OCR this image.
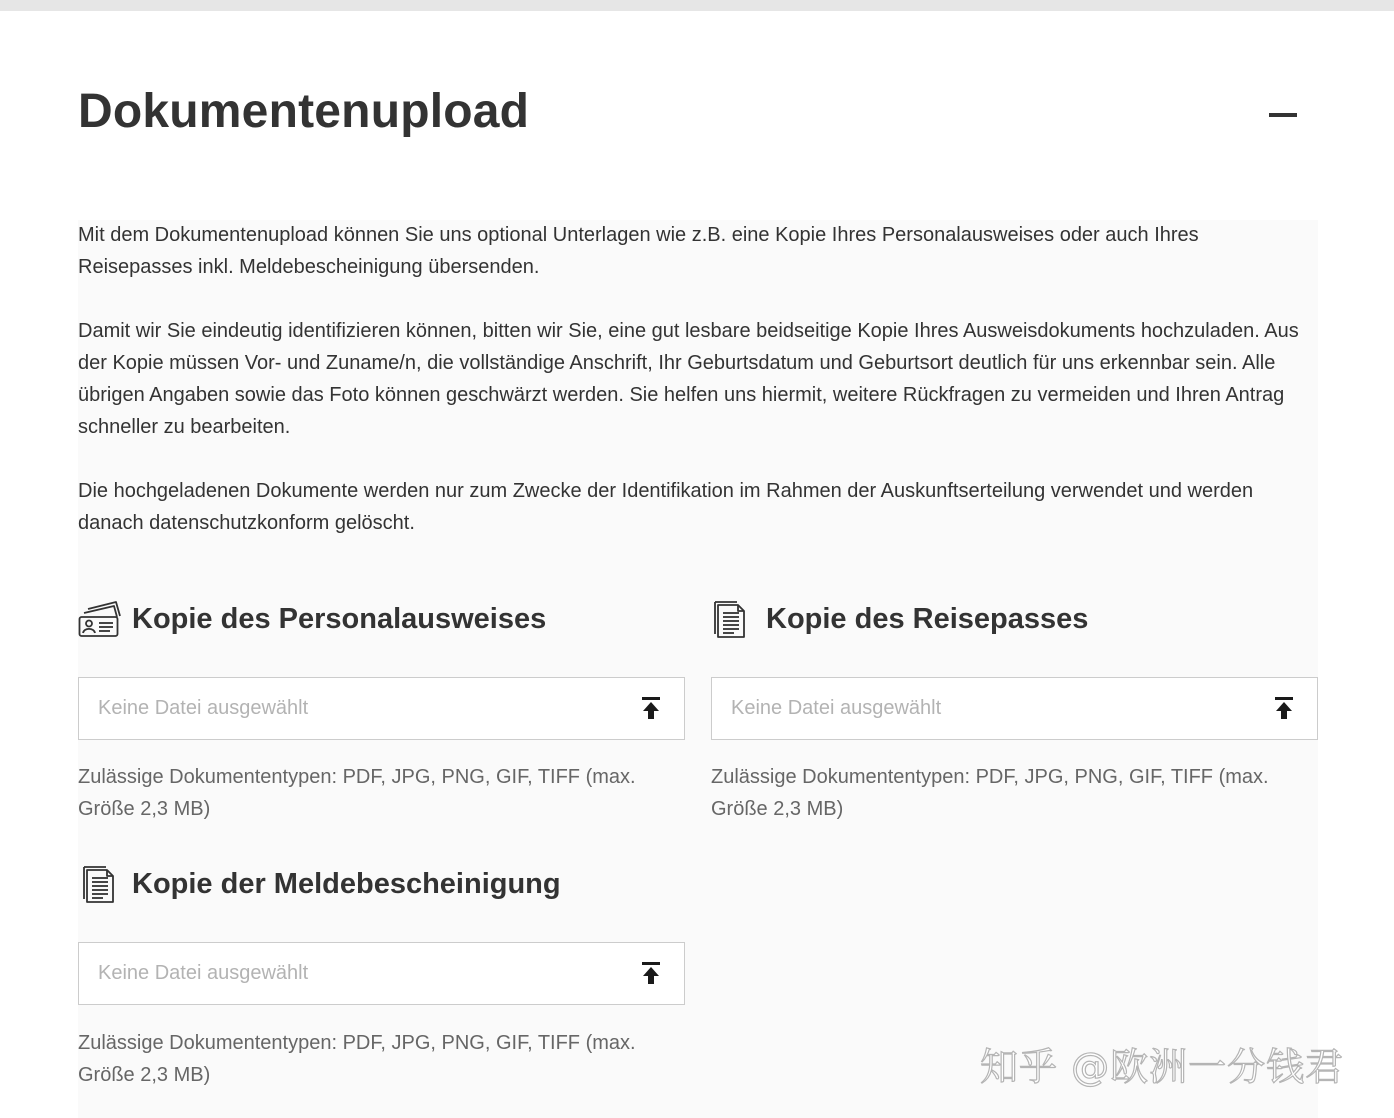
Dokumentenupload

Mit dem Dokumentenupload können Sie uns optional Unterlagen wie z.B. eine Kopie Ihres Personalausweises oder auch Ihres Reisepasses inkl. Meldebescheinigung übersenden.

Damit wir Sie eindeutig identifizieren können, bitten wir Sie, eine gut lesbare beidseitige Kopie Ihres Ausweisdokuments hochzuladen. Aus der Kopie müssen Vor- und Zuname/n, die vollständige Anschrift, Ihr Geburtsdatum und Geburtsort deutlich für uns erkennbar sein. Alle übrigen Angaben sowie das Foto können geschwärzt werden. Sie helfen uns hiermit, weitere Rückfragen zu vermeiden und Ihren Antrag schneller zu bearbeiten.

Die hochgeladenen Dokumente werden nur zum Zwecke der Identifikation im Rahmen der Auskunftserteilung verwendet und werden danach datenschutzkonform gelöscht.

Kopie des Personalausweises
Keine Datei ausgewählt

Zulässige Dokumententypen: PDF, JPG, PNG, GIF, TIFF (max. Größe 2,3 MB)

Kopie des Reisepasses
Keine Datei ausgewählt

Zulässige Dokumententypen: PDF, JPG, PNG, GIF, TIFF (max. Größe 2,3 MB)

Kopie der Meldebescheinigung
Keine Datei ausgewählt

Zulässige Dokumententypen: PDF, JPG, PNG, GIF, TIFF (max. Größe 2,3 MB)	知乎 @欧洲一分钱君
